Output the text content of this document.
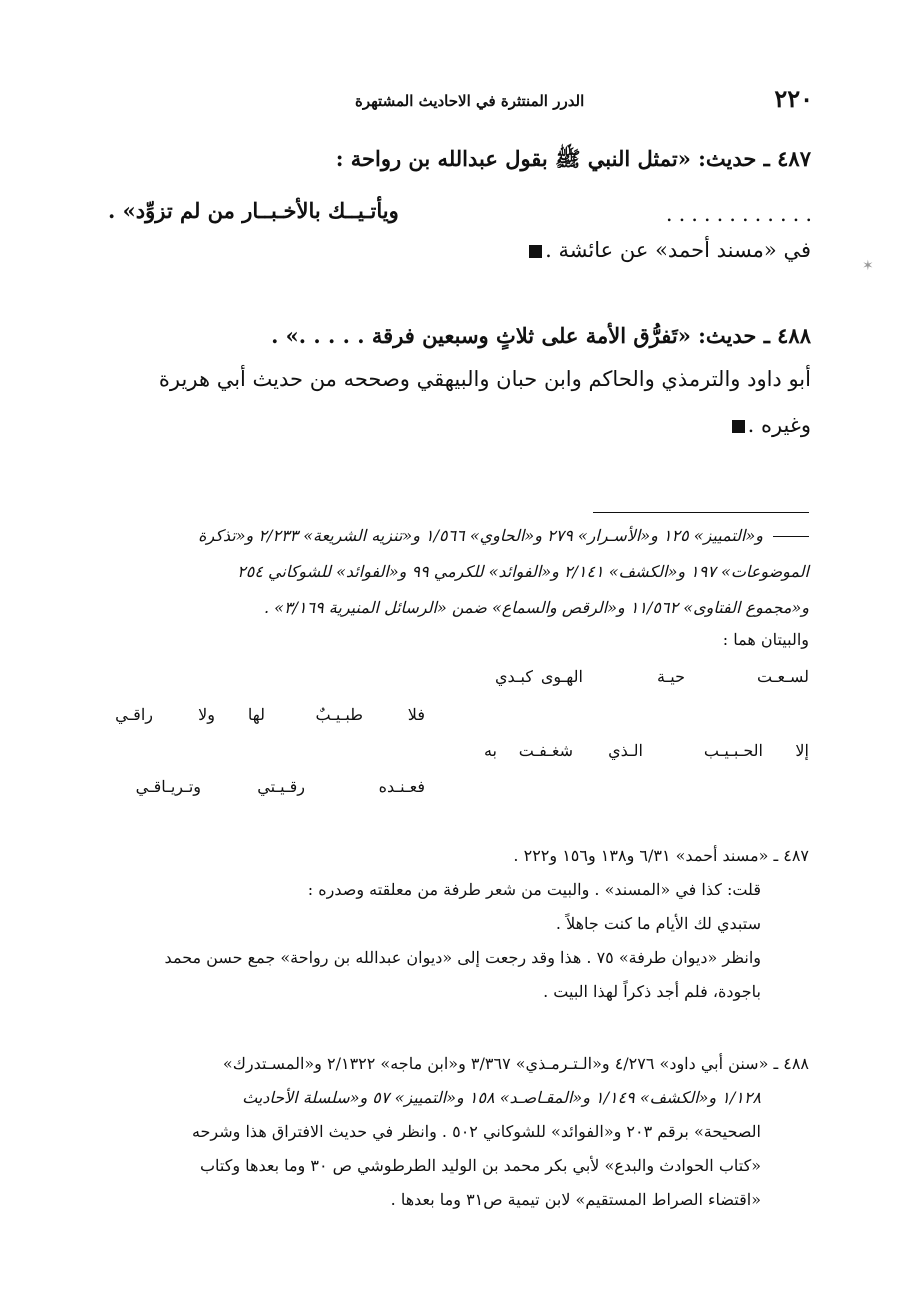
٢٢٠
الدرر المنتثرة في الاحاديث المشتهرة
٤٨٧ ـ حديث: «تمثل النبي ﷺ بقول عبدالله بن رواحة :
ويأتـيــك بالأخـبــار من لم تزوِّد» .	............
في «مسند أحمد» عن عائشة .
٤٨٨ ـ حديث: «تَفرُّق الأمة على ثلاثٍ وسبعين فرقة . . . . .» .
أبو داود والترمذي والحاكم وابن حبان والبيهقي وصححه من حديث أبي هريرة
وغيره .
و«التمييز» ١٢٥ و«الأسـرار» ٢٧٩ و«الحاوي» ١/٥٦٦ و«تنزيه الشريعة» ٢/٢٣٣ و«تذكرة
الموضوعات» ١٩٧ و«الكشف» ٢/١٤١ و«الفوائد» للكرمي ٩٩ و«الفوائد» للشوكاني ٢٥٤
و«مجموع الفتاوى» ١١/٥٦٢ و«الرقص والسماع» ضمن «الرسائل المنيرية ٣/١٦٩» .
والبيتان هما :
لسـعـت
حيـة
الهـوى
كبـدي
فلا
طبـيـبٌ
لها
ولا
راقـي
إلا
الحـبـيـب
الـذي
شغـفـت
به
فعـنـده
رقـيـتي
وتـريـاقـي
٤٨٧ ـ «مسند أحمد» ٦/٣١ و١٣٨ و١٥٦ و٢٢٢ .
قلت: كذا في «المسند» . والبيت من شعر طرفة من معلقته وصدره :
ستبدي لك الأيام ما كنت جاهلاً .
وانظر «ديوان طرفة» ٧٥ . هذا وقد رجعت إلى «ديوان عبدالله بن رواحة» جمع حسن محمد
باجودة، فلم أجد ذكراً لهذا البيت .
٤٨٨ ـ «سنن أبي داود» ٤/٢٧٦ و«الـتـرمـذي» ٣/٣٦٧ و«ابن ماجه» ٢/١٣٢٢ و«المسـتدرك»
١/١٢٨ و«الكشف» ١/١٤٩ و«المقـاصـد» ١٥٨ و«التمييز» ٥٧ و«سلسلة الأحاديث
الصحيحة» برقم ٢٠٣ و«الفوائد» للشوكاني ٥٠٢ . وانظر في حديث الافتراق هذا وشرحه
«كتاب الحوادث والبدع» لأبي بكر محمد بن الوليد الطرطوشي ص ٣٠ وما بعدها وكتاب
«اقتضاء الصراط المستقيم» لابن تيمية ص٣١ وما بعدها .
✶
